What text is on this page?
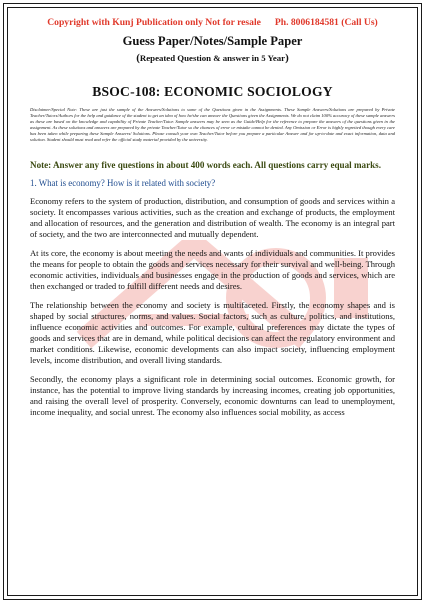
Copyright with Kunj Publication only Not for resale Ph. 8006184581 (Call Us)
Guess Paper/Notes/Sample Paper
(Repeated Question & answer in 5 Year)
BSOC-108: ECONOMIC SOCIOLOGY
Disclaimer/Special Note: These are just the sample of the Answers/Solutions to some of the Questions given in the Assignments. These Sample Answers/Solutions are prepared by Private Teacher/Tutors/Authors for the help and guidance of the student to get an idea of how he/she can answer the Questions given the Assignments. We do not claim 100% accuracy of these sample answers as these are based on the knowledge and capability of Private Teacher/Tutor. Sample answers may be seen as the Guide/Help for the reference to prepare the answers of the questions given in the assignment. As these solutions and answers are prepared by the private Teacher/Tutor so the chances of error or mistake cannot be denied. Any Omission or Error is highly regretted though every care has been taken while preparing these Sample Answers/ Solutions. Please consult your own Teacher/Tutor before you prepare a particular Answer and for up-to-date and exact information, data and solution. Student should must read and refer the official study material provided by the university.
Note: Answer any five questions in about 400 words each. All questions carry equal marks.
1. What is economy? How is it related with society?

Economy refers to the system of production, distribution, and consumption of goods and services within a society. It encompasses various activities, such as the creation and exchange of products, the employment and allocation of resources, and the generation and distribution of wealth. The economy is an integral part of society, and the two are interconnected and mutually dependent.

At its core, the economy is about meeting the needs and wants of individuals and communities. It provides the means for people to obtain the goods and services necessary for their survival and well-being. Through economic activities, individuals and businesses engage in the production of goods and services, which are then exchanged or traded to fulfill different needs and desires.

The relationship between the economy and society is multifaceted. Firstly, the economy shapes and is shaped by social structures, norms, and values. Social factors, such as culture, politics, and institutions, influence economic activities and outcomes. For example, cultural preferences may dictate the types of goods and services that are in demand, while political decisions can affect the regulatory environment and market conditions. Likewise, economic developments can also impact society, influencing employment levels, income distribution, and overall living standards.

Secondly, the economy plays a significant role in determining social outcomes. Economic growth, for instance, has the potential to improve living standards by increasing incomes, creating job opportunities, and raising the overall level of prosperity. Conversely, economic downturns can lead to unemployment, income inequality, and social unrest. The economy also influences social mobility, as access
